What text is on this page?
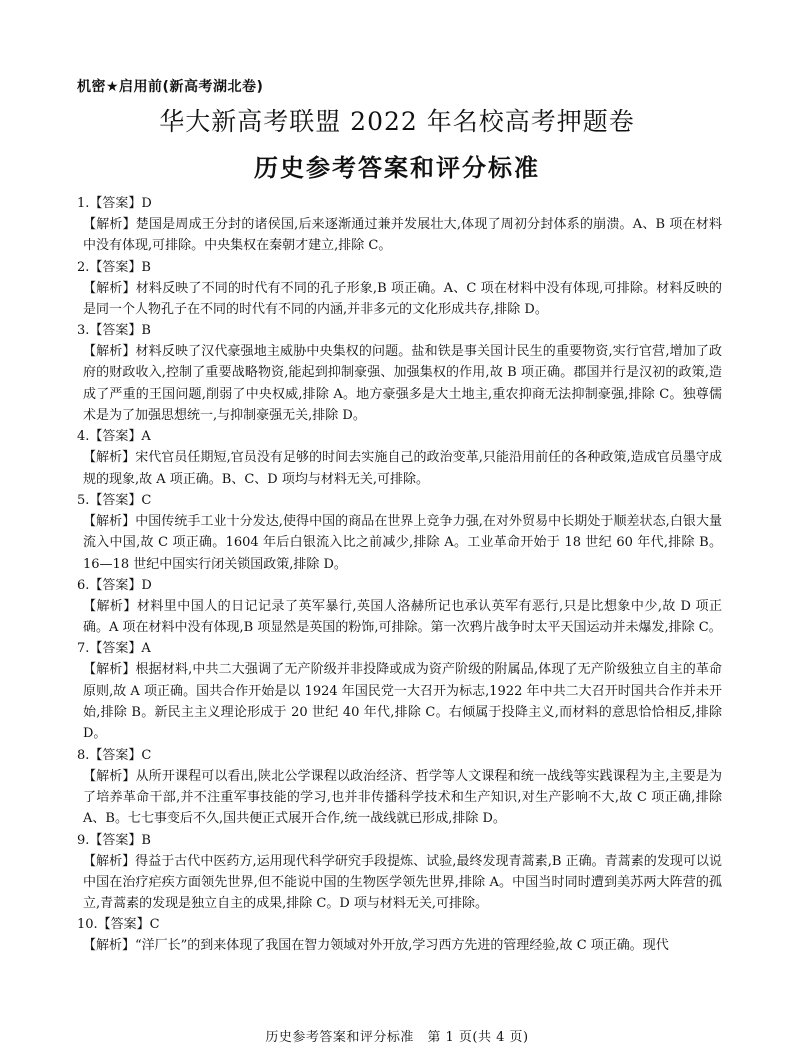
机密★启用前(新高考湖北卷)
华大新高考联盟 2022 年名校高考押题卷
历史参考答案和评分标准
1.【答案】D
【解析】楚国是周成王分封的诸侯国,后来逐渐通过兼并发展壮大,体现了周初分封体系的崩溃。A、B 项在材料中没有体现,可排除。中央集权在秦朝才建立,排除 C。
2.【答案】B
【解析】材料反映了不同的时代有不同的孔子形象,B 项正确。A、C 项在材料中没有体现,可排除。材料反映的是同一个人物孔子在不同的时代有不同的内涵,并非多元的文化形成共存,排除 D。
3.【答案】B
【解析】材料反映了汉代豪强地主威胁中央集权的问题。盐和铁是事关国计民生的重要物资,实行官营,增加了政府的财政收入,控制了重要战略物资,能起到抑制豪强、加强集权的作用,故 B 项正确。郡国并行是汉初的政策,造成了严重的王国问题,削弱了中央权威,排除 A。地方豪强多是大土地主,重农抑商无法抑制豪强,排除 C。独尊儒术是为了加强思想统一,与抑制豪强无关,排除 D。
4.【答案】A
【解析】宋代官员任期短,官员没有足够的时间去实施自己的政治变革,只能沿用前任的各种政策,造成官员墨守成规的现象,故 A 项正确。B、C、D 项均与材料无关,可排除。
5.【答案】C
【解析】中国传统手工业十分发达,使得中国的商品在世界上竞争力强,在对外贸易中长期处于顺差状态,白银大量流入中国,故 C 项正确。1604 年后白银流入比之前减少,排除 A。工业革命开始于 18 世纪 60 年代,排除 B。16—18 世纪中国实行闭关锁国政策,排除 D。
6.【答案】D
【解析】材料里中国人的日记记录了英军暴行,英国人洛赫所记也承认英军有恶行,只是比想象中少,故 D 项正确。A 项在材料中没有体现,B 项显然是英国的粉饰,可排除。第一次鸦片战争时太平天国运动并未爆发,排除 C。
7.【答案】A
【解析】根据材料,中共二大强调了无产阶级并非投降或成为资产阶级的附属品,体现了无产阶级独立自主的革命原则,故 A 项正确。国共合作开始是以 1924 年国民党一大召开为标志,1922 年中共二大召开时国共合作并未开始,排除 B。新民主主义理论形成于 20 世纪 40 年代,排除 C。右倾属于投降主义,而材料的意思恰恰相反,排除 D。
8.【答案】C
【解析】从所开课程可以看出,陕北公学课程以政治经济、哲学等人文课程和统一战线等实践课程为主,主要是为了培养革命干部,并不注重军事技能的学习,也并非传播科学技术和生产知识,对生产影响不大,故 C 项正确,排除 A、B。七七事变后不久,国共便正式展开合作,统一战线就已形成,排除 D。
9.【答案】B
【解析】得益于古代中医药方,运用现代科学研究手段提炼、试验,最终发现青蒿素,B 正确。青蒿素的发现可以说中国在治疗疟疾方面领先世界,但不能说中国的生物医学领先世界,排除 A。中国当时同时遭到美苏两大阵营的孤立,青蒿素的发现是独立自主的成果,排除 C。D 项与材料无关,可排除。
10.【答案】C
【解析】“洋厂长”的到来体现了我国在智力领域对外开放,学习西方先进的管理经验,故 C 项正确。现代
历史参考答案和评分标准　第 1 页(共 4 页)
